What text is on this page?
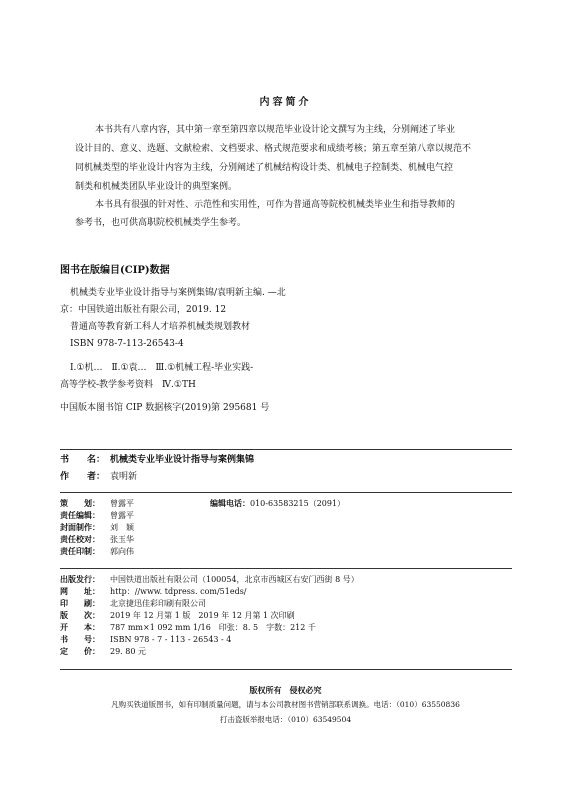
内容简介
本书共有八章内容，其中第一章至第四章以规范毕业设计论文撰写为主线，分别阐述了毕业
设计目的、意义、选题、文献检索、文档要求、格式规范要求和成绩考核；第五章至第八章以规范不
同机械类型的毕业设计内容为主线，分别阐述了机械结构设计类、机械电子控制类、机械电气控
制类和机械类团队毕业设计的典型案例。
本书具有很强的针对性、示范性和实用性，可作为普通高等院校机械类毕业生和指导教师的
参考书，也可供高职院校机械类学生参考。
图书在版编目(CIP)数据
机械类专业毕业设计指导与案例集锦/袁明新主编. —北
京：中国铁道出版社有限公司，2019. 12
普通高等教育新工科人才培养机械类规划教材
ISBN 978-7-113-26543-4
Ⅰ.①机…　Ⅱ.①袁…　Ⅲ.①机械工程-毕业实践-
高等学校-教学参考资料　Ⅳ.①TH
中国版本图书馆 CIP 数据核字(2019)第 295681 号
书　　名： 机械类专业毕业设计指导与案例集锦
作　　者： 袁明新
策　　划： 曾露平	编辑电话：010-63583215（2091）
责任编辑： 曾露平
封面制作： 刘　颖
责任校对： 张玉华
责任印制： 郭向伟
出版发行： 中国铁道出版社有限公司（100054，北京市西城区右安门西街 8 号）
网　　址： http：//www. tdpress. com/51eds/
印　　刷： 北京捷迅佳彩印刷有限公司
版　　次： 2019 年 12 月第 1 版　2019 年 12 月第 1 次印刷
开　　本： 787 mm×1 092 mm 1/16　印张：8. 5　字数：212 千
书　　号： ISBN 978 - 7 - 113 - 26543 - 4
定　　价： 29. 80 元
版权所有　侵权必究
凡购买铁道版图书，如有印制质量问题，请与本公司教材图书营销部联系调换。电话：（010）63550836
打击盗版举报电话：（010）63549504
